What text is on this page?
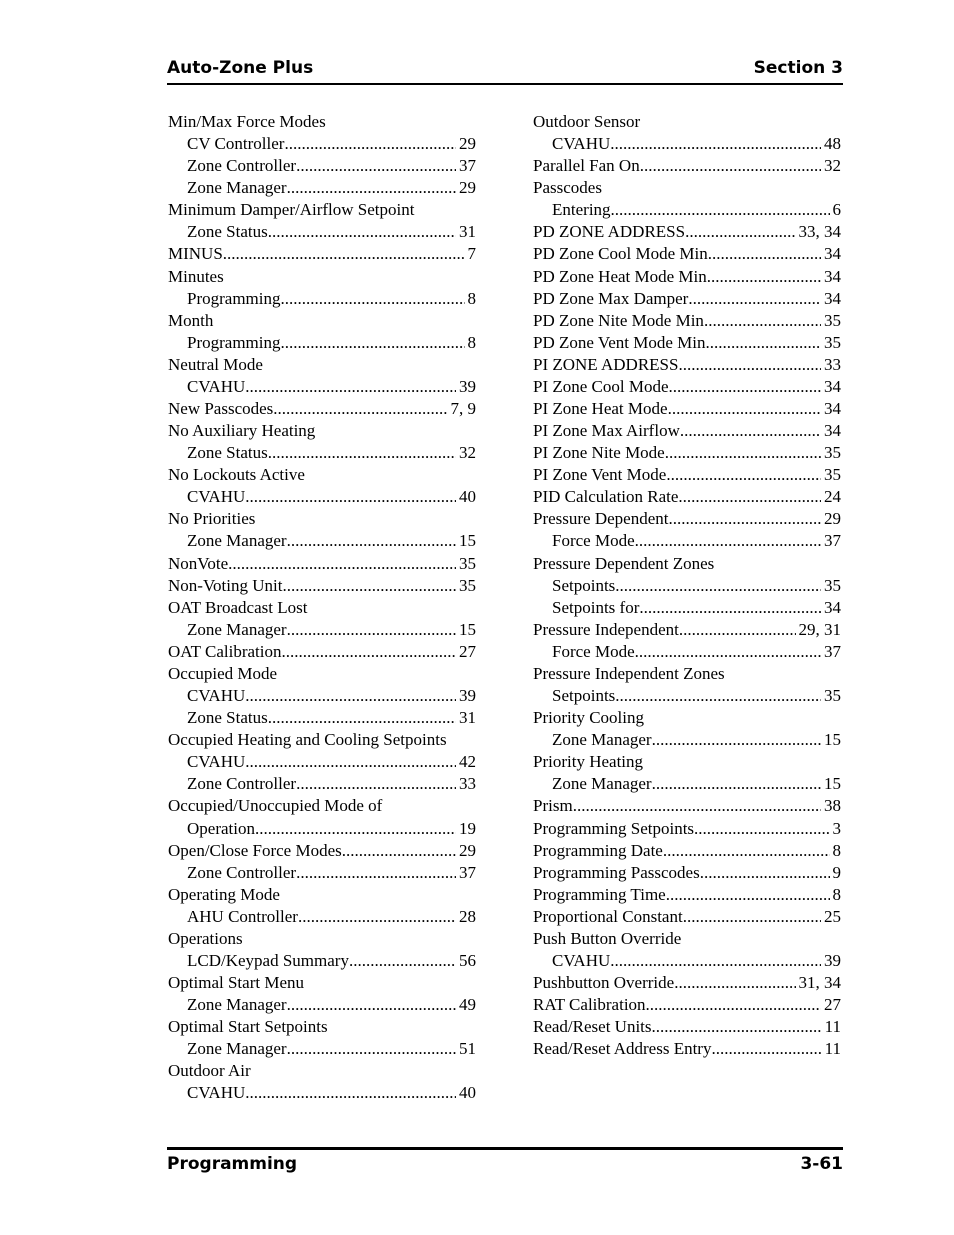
Auto-Zone Plus	Section 3
Min/Max Force Modes
CV Controller .....	29
Zone Controller .....	37
Zone Manager .....	29
Minimum Damper/Airflow Setpoint
Zone Status .....	31
MINUS .....	7
Minutes
Programming .....	8
Month
Programming .....	8
Neutral Mode
CVAHU .....	39
New Passcodes .....	7, 9
No Auxiliary Heating
Zone Status .....	32
No Lockouts Active
CVAHU .....	40
No Priorities
Zone Manager .....	15
NonVote .....	35
Non-Voting Unit .....	35
OAT Broadcast Lost
Zone Manager .....	15
OAT Calibration .....	27
Occupied Mode
CVAHU .....	39
Zone Status .....	31
Occupied Heating and Cooling Setpoints
CVAHU .....	42
Zone Controller .....	33
Occupied/Unoccupied Mode of
Operation .....	19
Open/Close Force Modes .....	29
Zone Controller .....	37
Operating Mode
AHU Controller .....	28
Operations
LCD/Keypad Summary .....	56
Optimal Start Menu
Zone Manager .....	49
Optimal Start Setpoints
Zone Manager .....	51
Outdoor Air
CVAHU .....	40
Outdoor Sensor
CVAHU .....	48
Parallel Fan On .....	32
Passcodes
Entering .....	6
PD ZONE ADDRESS .....	33, 34
PD Zone Cool Mode Min .....	34
PD Zone Heat Mode Min .....	34
PD Zone Max Damper .....	34
PD Zone Nite Mode Min .....	35
PD Zone Vent Mode Min .....	35
PI ZONE ADDRESS .....	33
PI Zone Cool Mode .....	34
PI Zone Heat Mode .....	34
PI Zone Max Airflow .....	34
PI Zone Nite Mode .....	35
PI Zone Vent Mode .....	35
PID Calculation Rate .....	24
Pressure Dependent .....	29
Force Mode .....	37
Pressure Dependent Zones
Setpoints .....	35
Setpoints for .....	34
Pressure Independent .....	29, 31
Force Mode .....	37
Pressure Independent Zones
Setpoints .....	35
Priority Cooling
Zone Manager .....	15
Priority Heating
Zone Manager .....	15
Prism .....	38
Programming Setpoints .....	3
Programming Date .....	8
Programming Passcodes .....	9
Programming Time .....	8
Proportional Constant .....	25
Push Button Override
CVAHU .....	39
Pushbutton Override .....	31, 34
RAT Calibration .....	27
Read/Reset Units .....	11
Read/Reset Address Entry .....	11
Programming	3-61
